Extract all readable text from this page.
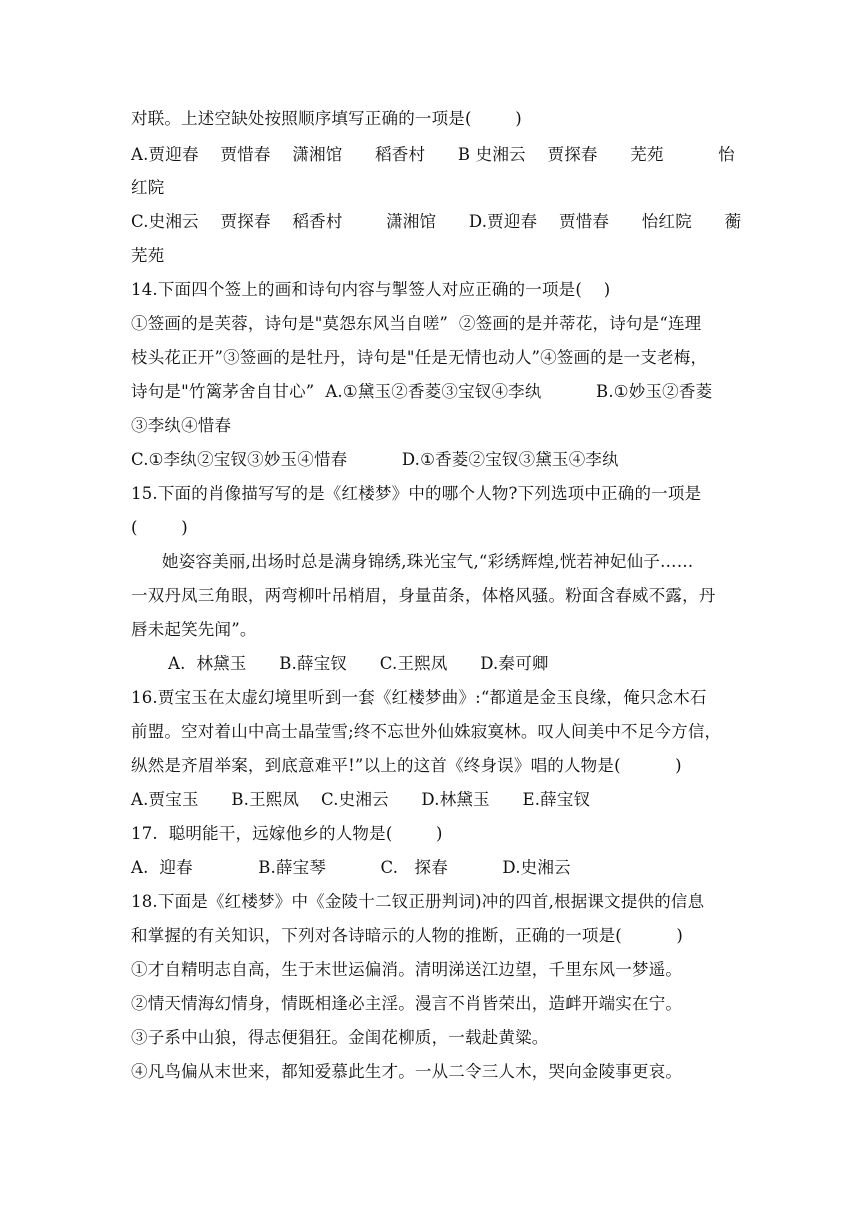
对联。上述空缺处按照顺序填写正确的一项是(        )
A.贾迎春    贾惜春    潇湘馆      稻香村      B 史湘云    贾探春      芜苑          怡
红院
C.史湘云    贾探春    稻香村        潇湘馆      D.贾迎春    贾惜春      怡红院      蘅
芜苑
14.下面四个签上的画和诗句内容与掣签人对应正确的一项是(    )
①签画的是芙蓉，诗句是"莫怨东风当自嗟”  ②签画的是并蒂花，诗句是“连理
枝头花正开”③签画的是牡丹，诗句是"任是无情也动人”④签画的是一支老梅，
诗句是"竹篱茅舍自甘心”  A.①黛玉②香菱③宝钗④李纨          B.①妙玉②香菱
③李纨④惜春
C.①李纨②宝钗③妙玉④惜春          D.①香菱②宝钗③黛玉④李纨
15.下面的肖像描写写的是《红楼梦》中的哪个人物?下列选项中正确的一项是
(        )
她姿容美丽,出场时总是满身锦绣,珠光宝气,“彩绣辉煌,恍若神妃仙子……
一双丹凤三角眼，两弯柳叶吊梢眉，身量苗条，体格风骚。粉面含春威不露，丹
唇未起笑先闻”。
A.  林黛玉      B.薛宝钗      C.王熙凤      D.秦可卿
16.贾宝玉在太虚幻境里听到一套《红楼梦曲》:“都道是金玉良缘，俺只念木石
前盟。空对着山中高士晶莹雪;终不忘世外仙姝寂寞林。叹人间美中不足今方信，
纵然是齐眉举案，到底意难平!”以上的这首《终身误》唱的人物是(          )
A.贾宝玉      B.王熙凤    C.史湘云      D.林黛玉      E.薛宝钗
17.  聪明能干，远嫁他乡的人物是(        )
A.  迎春            B.薛宝琴          C.   探春          D.史湘云
18.下面是《红楼梦》中《金陵十二钗正册判词)冲的四首,根据课文提供的信息
和掌握的有关知识，下列对各诗暗示的人物的推断，正确的一项是(          )
①才自精明志自高，生于末世运偏消。清明涕送江边望，千里东风一梦遥。
②情天情海幻情身，情既相逢必主淫。漫言不肖皆荣出，造衅开端实在宁。
③子系中山狼，得志便猖狂。金闺花柳质，一载赴黄粱。
④凡鸟偏从末世来，都知爱慕此生才。一从二令三人木，哭向金陵事更哀。
